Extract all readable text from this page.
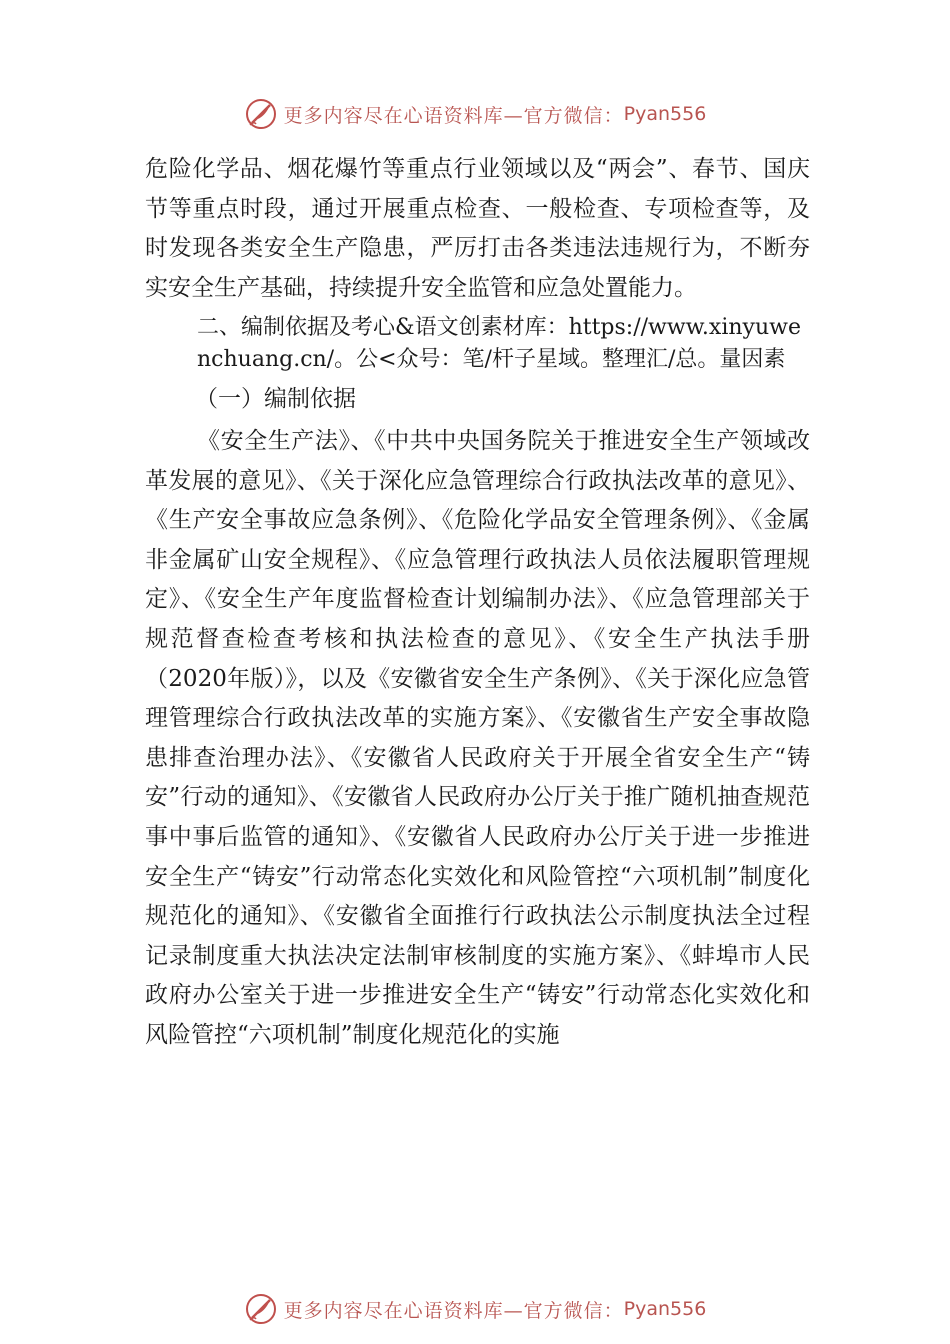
更多内容尽在心语资料库—官方微信： Pyan556

危险化学品、烟花爆竹等重点行业领域以及“两会”、春节、国庆节等重点时段，通过开展重点检查、一般检查、专项检查等，及时发现各类安全生产隐患，严厉打击各类违法违规行为，不断夯实安全生产基础，持续提升安全监管和应急处置能力。

二、编制依据及考心&语文创素材库：https://www.xinyuwenchuang.cn/。公<众号：笔/杆子星域。整理汇/总。量因素

（一）编制依据

《安全生产法》、《中共中央国务院关于推进安全生产领域改革发展的意见》、《关于深化应急管理综合行政执法改革的意见》、《生产安全事故应急条例》、《危险化学品安全管理条例》、《金属非金属矿山安全规程》、《应急管理行政执法人员依法履职管理规定》、《安全生产年度监督检查计划编制办法》、《应急管理部关于规范督查检查考核和执法检查的意见》、《安全生产执法手册（2020年版）》，以及《安徽省安全生产条例》、《关于深化应急管理管理综合行政执法改革的实施方案》、《安徽省生产安全事故隐患排查治理办法》、《安徽省人民政府关于开展全省安全生产“铸安”行动的通知》、《安徽省人民政府办公厅关于推广随机抽查规范事中事后监管的通知》、《安徽省人民政府办公厅关于进一步推进安全生产“铸安”行动常态化实效化和风险管控“六项机制”制度化规范化的通知》、《安徽省全面推行行政执法公示制度执法全过程记录制度重大执法决定法制审核制度的实施方案》、《蚌埠市人民政府办公室关于进一步推进安全生产“铸安”行动常态化实效化和风险管控“六项机制”制度化规范化的实施

更多内容尽在心语资料库—官方微信： Pyan556
